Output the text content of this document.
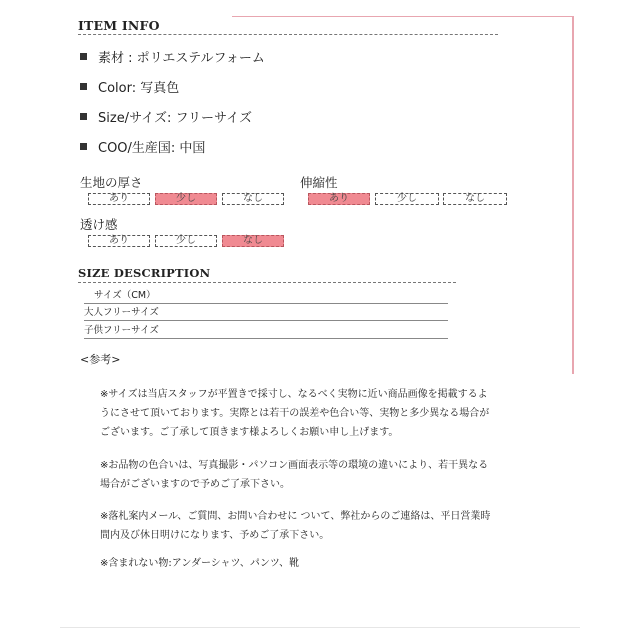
ITEM INFO
素材 : ポリエステルフォーム
Color: 写真色
Size/サイズ: フリーサイズ
COO/生産国: 中国
生地の厚さ
あり	少し	なし
伸縮性
あり	少し	なし
透け感
あり	少し	なし
SIZE DESCRIPTION
サイズ（CM）
大人フリーサイズ
子供フリーサイズ
<参考>
※サイズは当店スタッフが平置きで採寸し、なるべく実物に近い商品画像を掲載するよ
うにさせて頂いております。実際とは若干の誤差や色合い等、実物と多少異なる場合が
ございます。ご了承して頂きます様よろしくお願い申し上げます。
※お品物の色合いは、写真撮影・パソコン画面表示等の環境の違いにより、若干異なる
場合がございますので予めご了承下さい。
※落札案内メール、ご質問、お問い合わせに ついて、弊社からのご連絡は、平日営業時
間内及び休日明けになります、予めご了承下さい。
※含まれない物:アンダーシャツ、パンツ、靴
